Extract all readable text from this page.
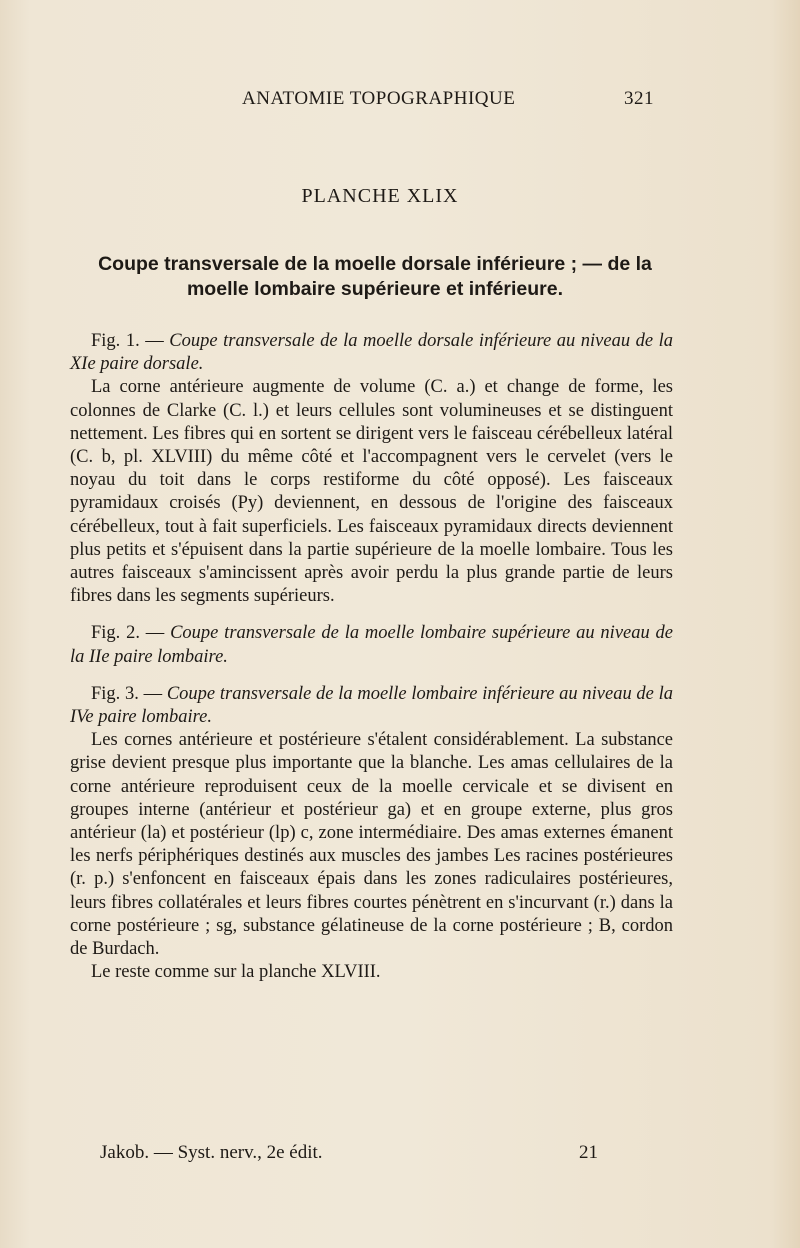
ANATOMIE TOPOGRAPHIQUE	321
PLANCHE XLIX
Coupe transversale de la moelle dorsale inférieure ; — de la moelle lombaire supérieure et inférieure.

Fig. 1. — Coupe transversale de la moelle dorsale inférieure au niveau de la XIe paire dorsale.

La corne antérieure augmente de volume (C. a.) et change de forme, les colonnes de Clarke (C. l.) et leurs cellules sont volumineuses et se distinguent nettement. Les fibres qui en sortent se dirigent vers le faisceau cérébelleux latéral (C. b, pl. XLVIII) du même côté et l'accompagnent vers le cervelet (vers le noyau du toit dans le corps restiforme du côté opposé). Les faisceaux pyramidaux croisés (Py) deviennent, en dessous de l'origine des faisceaux cérébelleux, tout à fait superficiels. Les faisceaux pyramidaux directs deviennent plus petits et s'épuisent dans la partie supérieure de la moelle lombaire. Tous les autres faisceaux s'amincissent après avoir perdu la plus grande partie de leurs fibres dans les segments supérieurs.

Fig. 2. — Coupe transversale de la moelle lombaire supérieure au niveau de la IIe paire lombaire.

Fig. 3. — Coupe transversale de la moelle lombaire inférieure au niveau de la IVe paire lombaire.

Les cornes antérieure et postérieure s'étalent considérablement. La substance grise devient presque plus importante que la blanche. Les amas cellulaires de la corne antérieure reproduisent ceux de la moelle cervicale et se divisent en groupes interne (antérieur et postérieur ga) et en groupe externe, plus gros antérieur (la) et postérieur (lp) c, zone intermédiaire. Des amas externes émanent les nerfs périphériques destinés aux muscles des jambes Les racines postérieures (r. p.) s'enfoncent en faisceaux épais dans les zones radiculaires postérieures, leurs fibres collatérales et leurs fibres courtes pénètrent en s'incurvant (r.) dans la corne postérieure ; sg, substance gélatineuse de la corne postérieure ; B, cordon de Burdach.

Le reste comme sur la planche XLVIII.

Jakob. — Syst. nerv., 2e édit.	21
